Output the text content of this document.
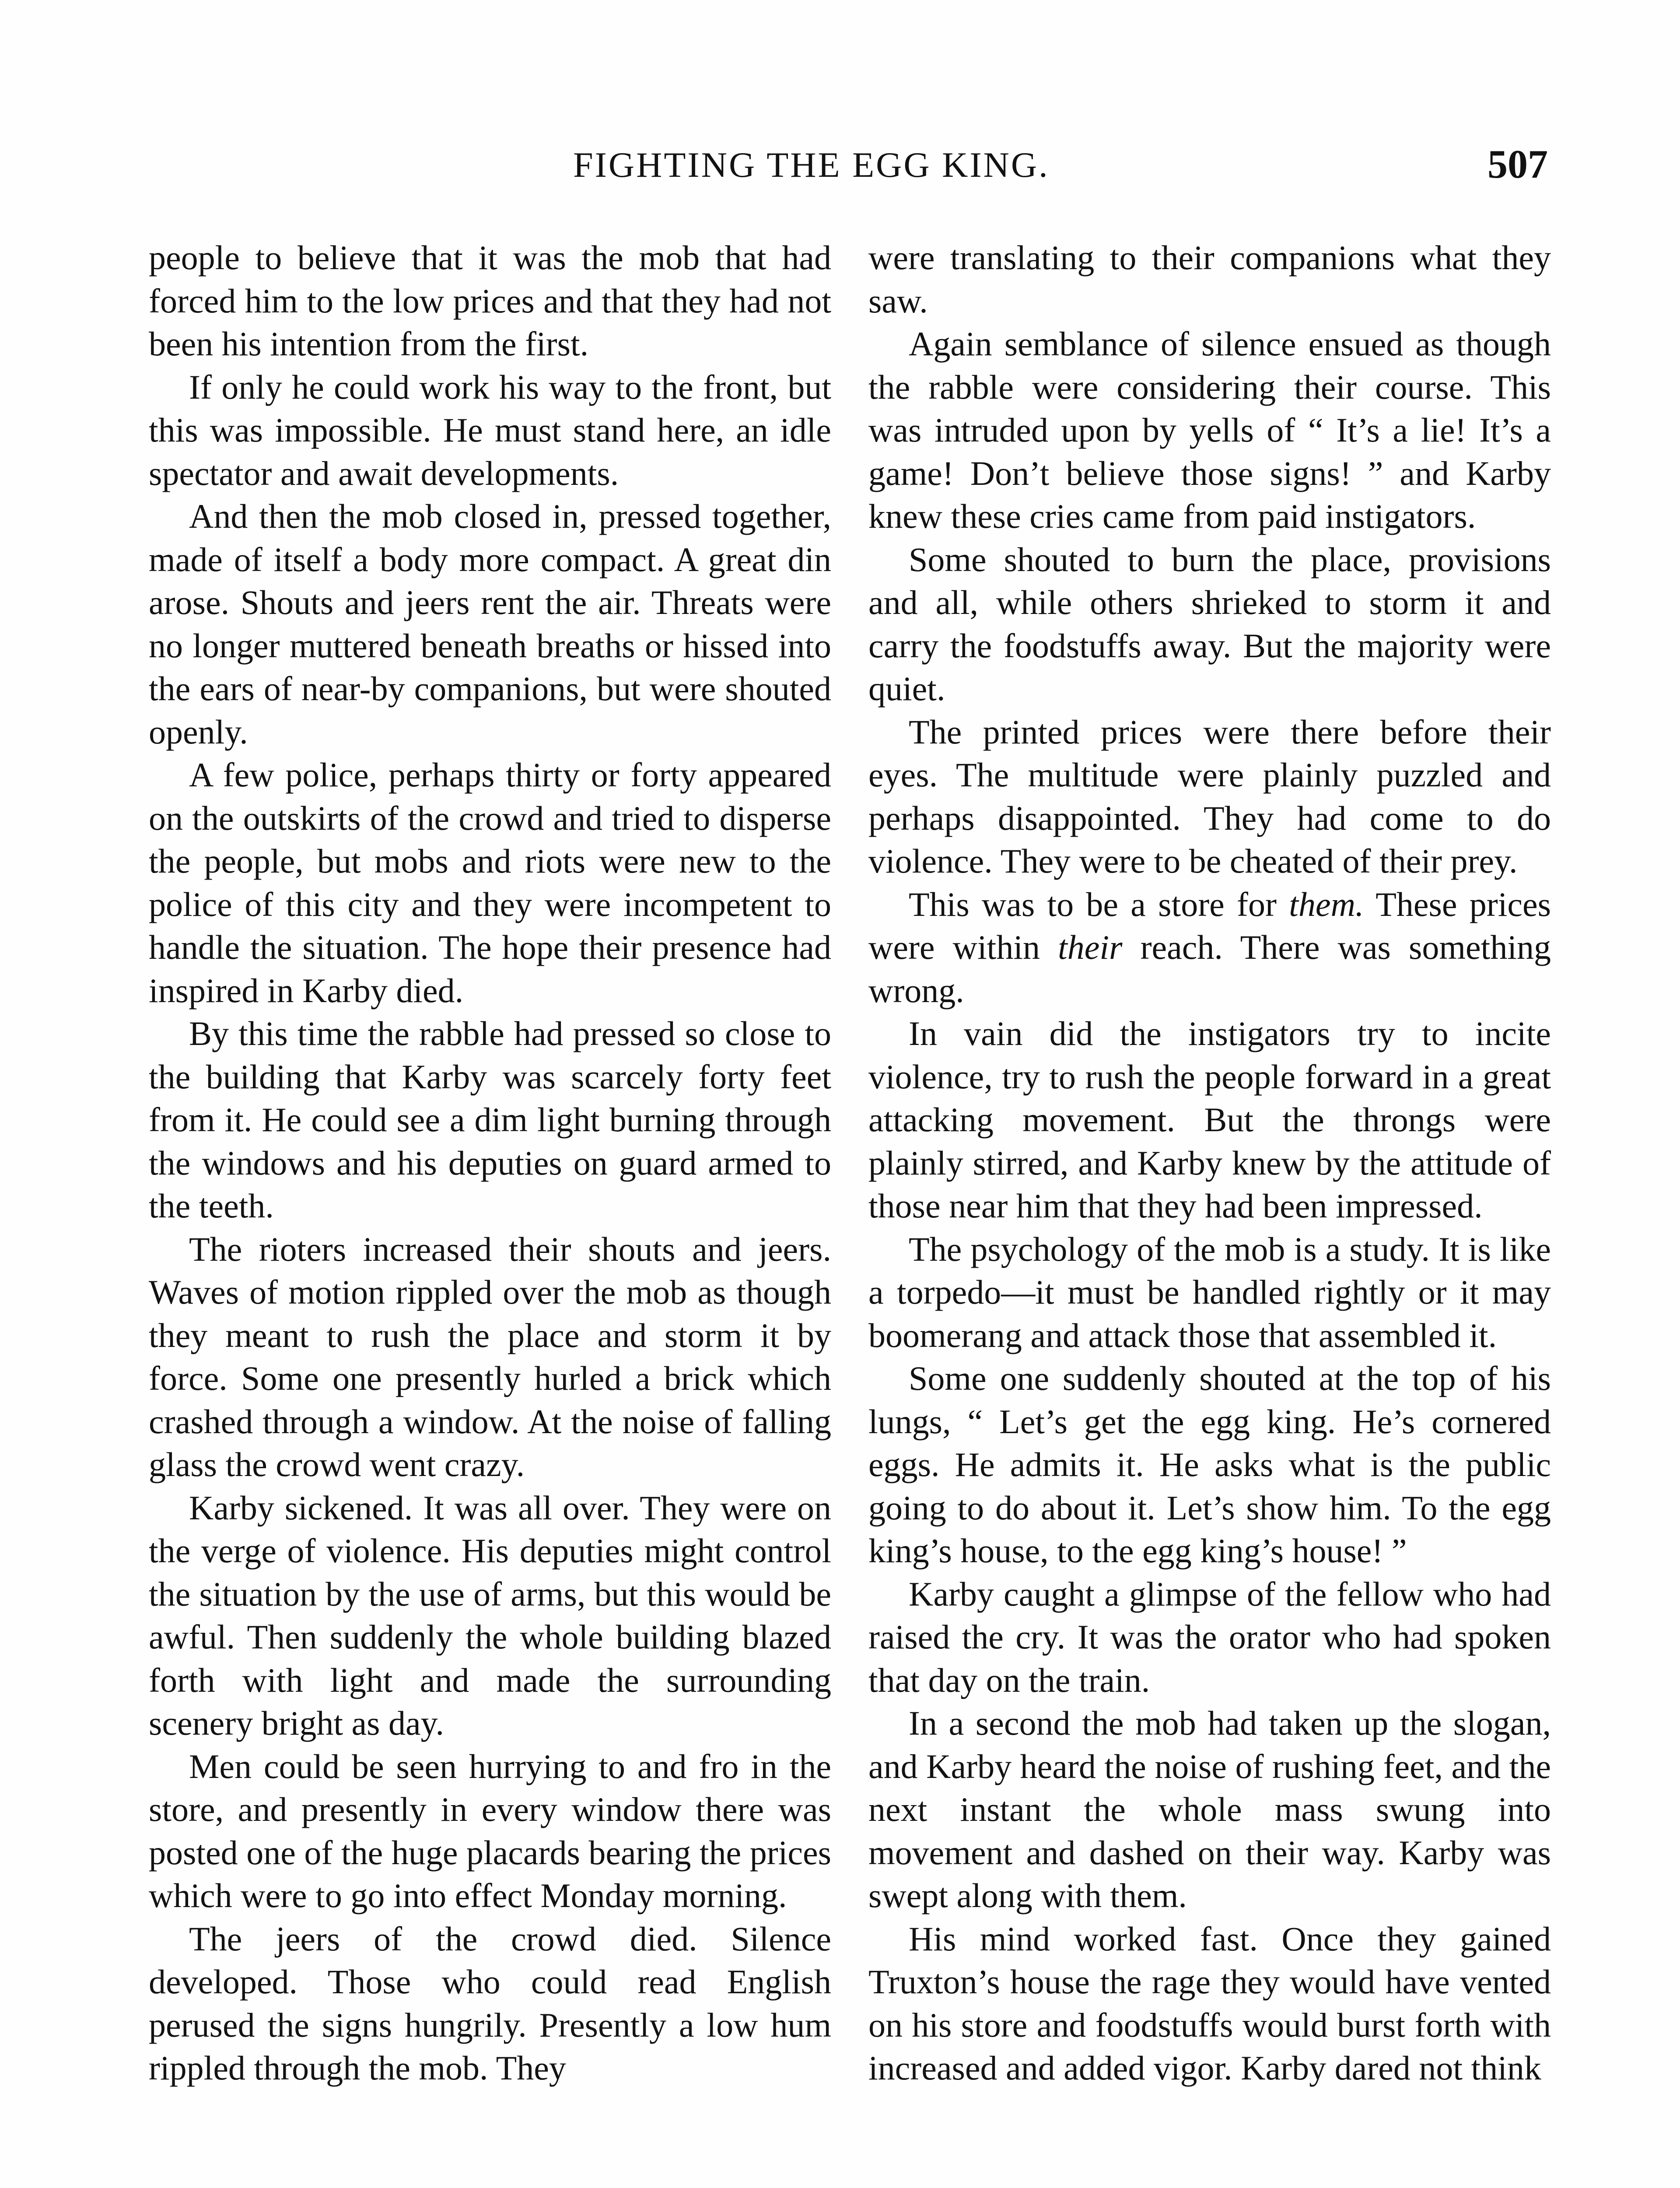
FIGHTING THE EGG KING.	507

people to believe that it was the mob that had forced him to the low prices and that they had not been his intention from the first.

If only he could work his way to the front, but this was impossible. He must stand here, an idle spectator and await developments.

And then the mob closed in, pressed together, made of itself a body more compact. A great din arose. Shouts and jeers rent the air. Threats were no longer muttered beneath breaths or hissed into the ears of near-by companions, but were shouted openly.

A few police, perhaps thirty or forty appeared on the outskirts of the crowd and tried to disperse the people, but mobs and riots were new to the police of this city and they were incompetent to handle the situation. The hope their presence had inspired in Karby died.

By this time the rabble had pressed so close to the building that Karby was scarcely forty feet from it. He could see a dim light burning through the windows and his deputies on guard armed to the teeth.

The rioters increased their shouts and jeers. Waves of motion rippled over the mob as though they meant to rush the place and storm it by force. Some one presently hurled a brick which crashed through a window. At the noise of falling glass the crowd went crazy.

Karby sickened. It was all over. They were on the verge of violence. His deputies might control the situation by the use of arms, but this would be awful. Then suddenly the whole building blazed forth with light and made the surrounding scenery bright as day.

Men could be seen hurrying to and fro in the store, and presently in every window there was posted one of the huge placards bearing the prices which were to go into effect Monday morning.

The jeers of the crowd died. Silence developed. Those who could read English perused the signs hungrily. Presently a low hum rippled through the mob. They

were translating to their companions what they saw.

Again semblance of silence ensued as though the rabble were considering their course. This was intruded upon by yells of “ It’s a lie! It’s a game! Don’t believe those signs! ” and Karby knew these cries came from paid instigators.

Some shouted to burn the place, provisions and all, while others shrieked to storm it and carry the foodstuffs away. But the majority were quiet.

The printed prices were there before their eyes. The multitude were plainly puzzled and perhaps disappointed. They had come to do violence. They were to be cheated of their prey.

This was to be a store for them. These prices were within their reach. There was something wrong.

In vain did the instigators try to incite violence, try to rush the people forward in a great attacking movement. But the throngs were plainly stirred, and Karby knew by the attitude of those near him that they had been impressed.

The psychology of the mob is a study. It is like a torpedo—it must be handled rightly or it may boomerang and attack those that assembled it.

Some one suddenly shouted at the top of his lungs, “ Let’s get the egg king. He’s cornered eggs. He admits it. He asks what is the public going to do about it. Let’s show him. To the egg king’s house, to the egg king’s house! ”

Karby caught a glimpse of the fellow who had raised the cry. It was the orator who had spoken that day on the train.

In a second the mob had taken up the slogan, and Karby heard the noise of rushing feet, and the next instant the whole mass swung into movement and dashed on their way. Karby was swept along with them.

His mind worked fast. Once they gained Truxton’s house the rage they would have vented on his store and foodstuffs would burst forth with increased and added vigor. Karby dared not think
